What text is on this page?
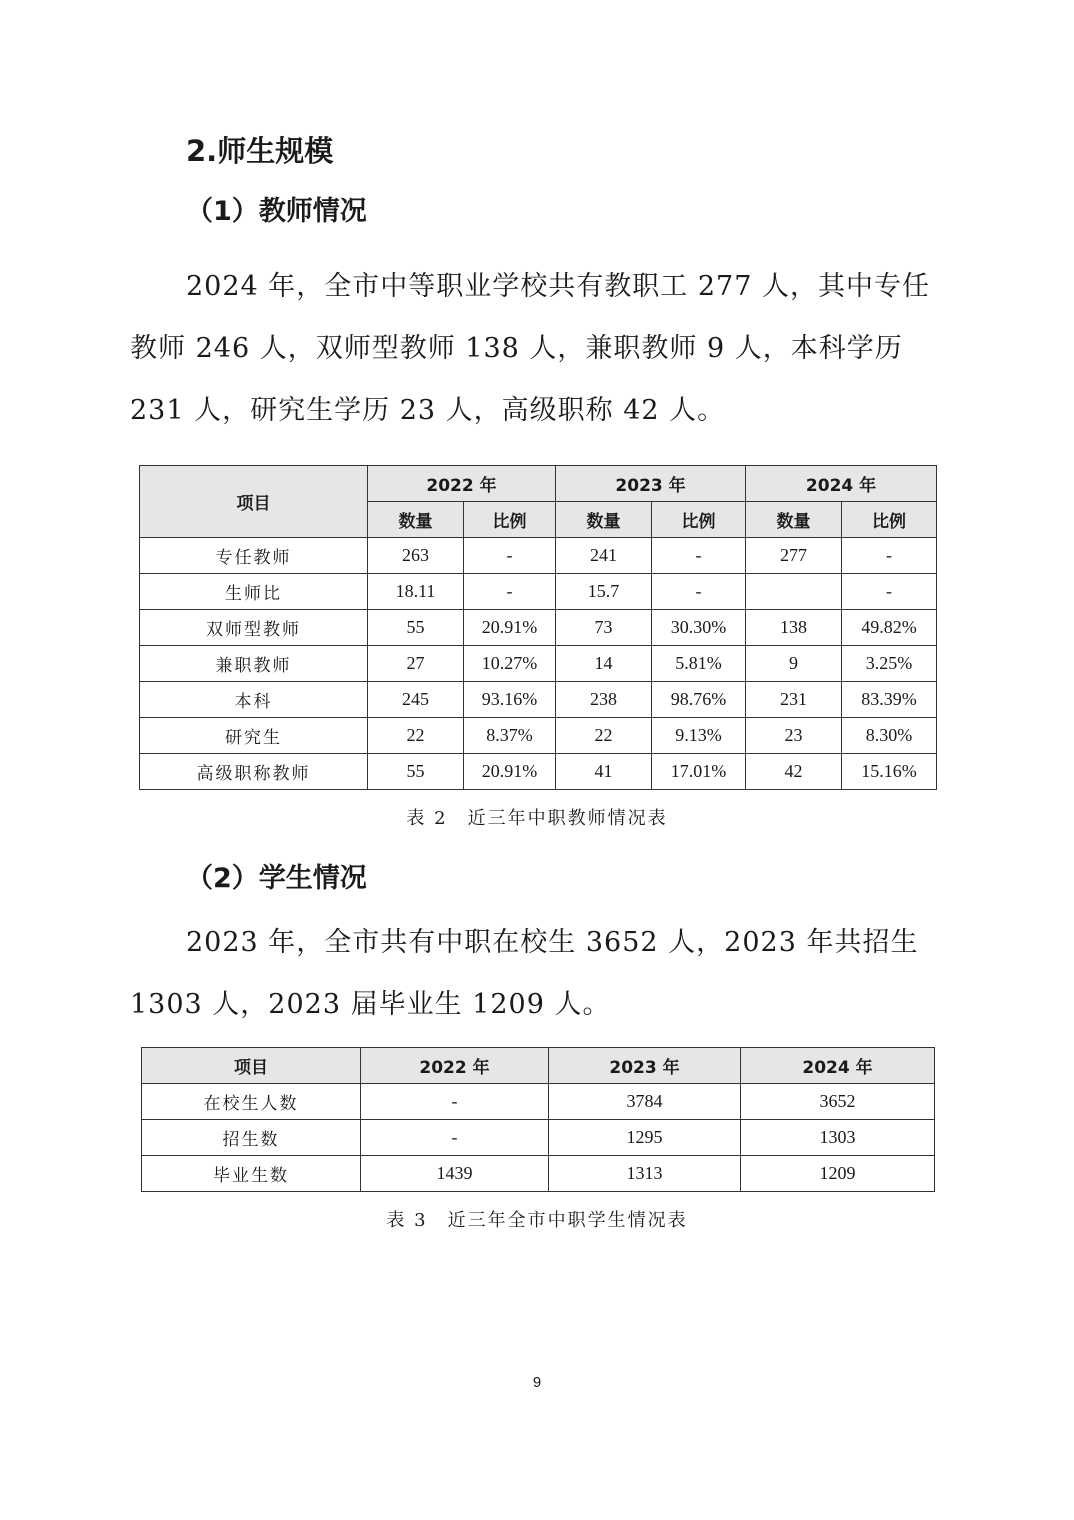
2.师生规模
（1）教师情况
2024 年，全市中等职业学校共有教职工 277 人，其中专任教师 246 人，双师型教师 138 人，兼职教师 9 人，本科学历 231 人，研究生学历 23 人，高级职称 42 人。
项目	2022 年		2023 年		2024 年	
	数量	比例	数量	比例	数量	比例
专任教师	263	-	241	-	277	-
生师比	18.11	-	15.7	-		-
双师型教师	55	20.91%	73	30.30%	138	49.82%
兼职教师	27	10.27%	14	5.81%	9	3.25%
本科	245	93.16%	238	98.76%	231	83.39%
研究生	22	8.37%	22	9.13%	23	8.30%
高级职称教师	55	20.91%	41	17.01%	42	15.16%
表 2　近三年中职教师情况表
（2）学生情况
2023 年，全市共有中职在校生 3652 人，2023 年共招生 1303 人，2023 届毕业生 1209 人。
项目	2022 年	2023 年	2024 年
在校生人数	-	3784	3652
招生数	-	1295	1303
毕业生数	1439	1313	1209
表 3　近三年全市中职学生情况表
9
